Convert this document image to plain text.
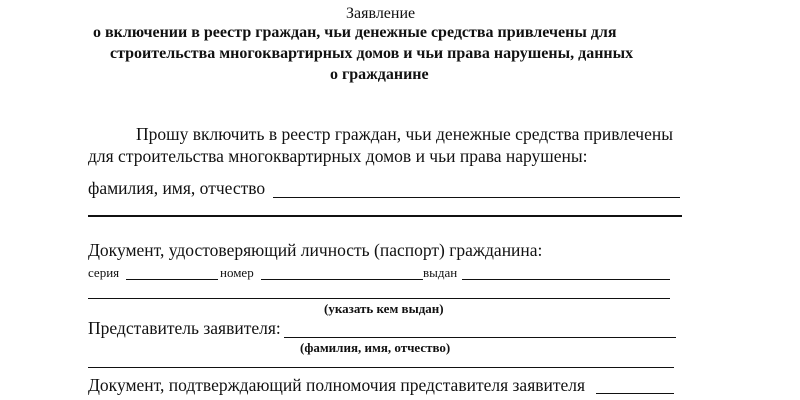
Заявление
о включении в реестр граждан, чьи денежные средства привлечены для
строительства многоквартирных домов и чьи права нарушены, данных
о гражданине
Прошу включить в реестр граждан, чьи денежные средства привлечены
для строительства многоквартирных домов и чьи права нарушены:
фамилия, имя, отчество
Документ, удостоверяющий личность (паспорт) гражданина:
серия	номер	выдан
(указать кем выдан)
Представитель заявителя:
(фамилия, имя, отчество)
Документ, подтверждающий полномочия представителя заявителя
